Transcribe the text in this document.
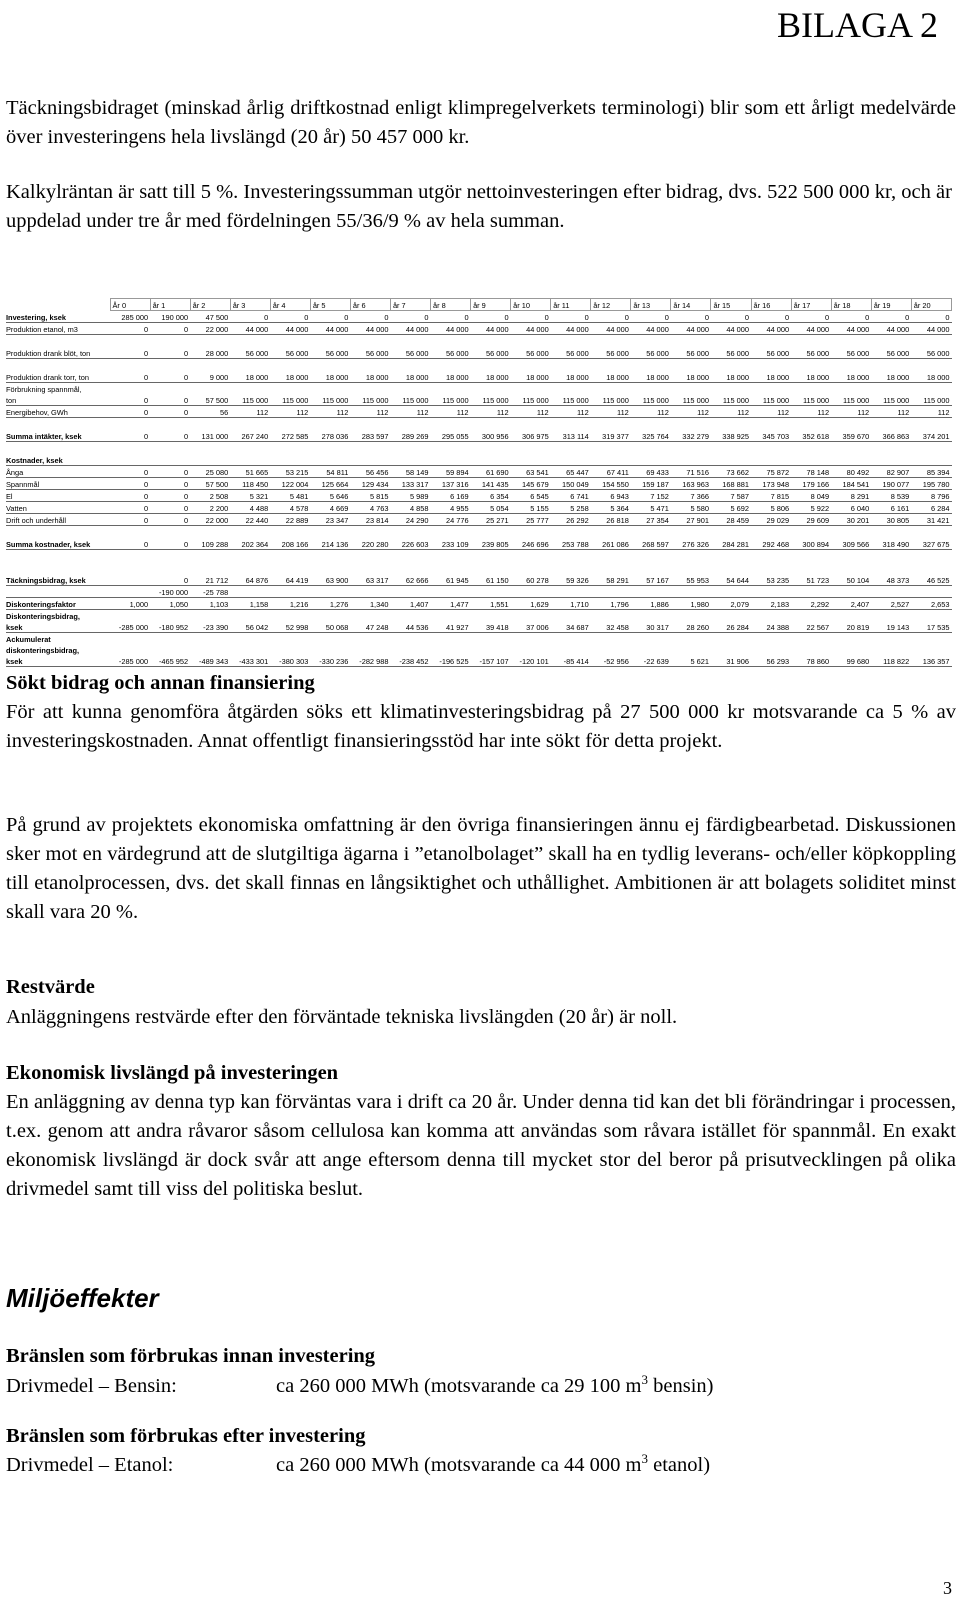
BILAGA 2

Täckningsbidraget (minskad årlig driftkostnad enligt klimpregelverkets terminologi) blir som ett årligt medelvärde över investeringens hela livslängd (20 år) 50 457 000 kr.

Kalkylräntan är satt till 5 %. Investeringssumman utgör nettoinvesteringen efter bidrag, dvs. 522 500 000 kr, och är uppdelad under tre år med fördelningen 55/36/9 % av hela summan.

	År 0	år 1	år 2	år 3	år 4	år 5	år 6	år 7	år 8	år 9	år 10	år 11	år 12	år 13	år 14	år 15	år 16	år 17	år 18	år 19	år 20
Investering, ksek	285 000	190 000	47 500	0	0	0	0	0	0	0	0	0	0	0	0	0	0	0	0	0	0
Produktion etanol, m3	0	0	22 000	44 000	44 000	44 000	44 000	44 000	44 000	44 000	44 000	44 000	44 000	44 000	44 000	44 000	44 000	44 000	44 000	44 000	44 000

Produktion drank blöt, ton	0	0	28 000	56 000	56 000	56 000	56 000	56 000	56 000	56 000	56 000	56 000	56 000	56 000	56 000	56 000	56 000	56 000	56 000	56 000	56 000

Produktion drank torr, ton	0	0	9 000	18 000	18 000	18 000	18 000	18 000	18 000	18 000	18 000	18 000	18 000	18 000	18 000	18 000	18 000	18 000	18 000	18 000	18 000
Förbrukning spannmål,																					
ton	0	0	57 500	115 000	115 000	115 000	115 000	115 000	115 000	115 000	115 000	115 000	115 000	115 000	115 000	115 000	115 000	115 000	115 000	115 000	115 000
Energibehov, GWh	0	0	56	112	112	112	112	112	112	112	112	112	112	112	112	112	112	112	112	112	112

Summa intäkter, ksek	0	0	131 000	267 240	272 585	278 036	283 597	289 269	295 055	300 956	306 975	313 114	319 377	325 764	332 279	338 925	345 703	352 618	359 670	366 863	374 201

Kostnader, ksek																					
Ånga	0	0	25 080	51 665	53 215	54 811	56 456	58 149	59 894	61 690	63 541	65 447	67 411	69 433	71 516	73 662	75 872	78 148	80 492	82 907	85 394
Spannmål	0	0	57 500	118 450	122 004	125 664	129 434	133 317	137 316	141 435	145 679	150 049	154 550	159 187	163 963	168 881	173 948	179 166	184 541	190 077	195 780
El	0	0	2 508	5 321	5 481	5 646	5 815	5 989	6 169	6 354	6 545	6 741	6 943	7 152	7 366	7 587	7 815	8 049	8 291	8 539	8 796
Vatten	0	0	2 200	4 488	4 578	4 669	4 763	4 858	4 955	5 054	5 155	5 258	5 364	5 471	5 580	5 692	5 806	5 922	6 040	6 161	6 284
Drift och underhåll	0	0	22 000	22 440	22 889	23 347	23 814	24 290	24 776	25 271	25 777	26 292	26 818	27 354	27 901	28 459	29 029	29 609	30 201	30 805	31 421

Summa kostnader, ksek	0	0	109 288	202 364	208 166	214 136	220 280	226 603	233 109	239 805	246 696	253 788	261 086	268 597	276 326	284 281	292 468	300 894	309 566	318 490	327 675

Täckningsbidrag, ksek		0	21 712	64 876	64 419	63 900	63 317	62 666	61 945	61 150	60 278	59 326	58 291	57 167	55 953	54 644	53 235	51 723	50 104	48 373	46 525
		-190 000	-25 788																		
Diskonteringsfaktor	1,000	1,050	1,103	1,158	1,216	1,276	1,340	1,407	1,477	1,551	1,629	1,710	1,796	1,886	1,980	2,079	2,183	2,292	2,407	2,527	2,653
Diskonteringsbidrag,																					
ksek	-285 000	-180 952	-23 390	56 042	52 998	50 068	47 248	44 536	41 927	39 418	37 006	34 687	32 458	30 317	28 260	26 284	24 388	22 567	20 819	19 143	17 535
Ackumulerat																					
diskonteringsbidrag,																					
ksek	-285 000	-465 952	-489 343	-433 301	-380 303	-330 236	-282 988	-238 452	-196 525	-157 107	-120 101	-85 414	-52 956	-22 639	5 621	31 906	56 293	78 860	99 680	118 822	136 357
Sökt bidrag och annan finansiering

För att kunna genomföra åtgärden söks ett klimatinvesteringsbidrag på 27 500 000 kr motsvarande ca 5 % av investeringskostnaden. Annat offentligt finansieringsstöd har inte sökt för detta projekt.

På grund av projektets ekonomiska omfattning är den övriga finansieringen ännu ej färdigbearbetad. Diskussionen sker mot en värdegrund att de slutgiltiga ägarna i ”etanolbolaget” skall ha en tydlig leverans- och/eller köpkoppling till etanolprocessen, dvs. det skall finnas en långsiktighet och uthållighet. Ambitionen är att bolagets soliditet minst skall vara 20 %.

Restvärde

Anläggningens restvärde efter den förväntade tekniska livslängden (20 år) är noll.

Ekonomisk livslängd på investeringen

En anläggning av denna typ kan förväntas vara i drift ca 20 år. Under denna tid kan det bli förändringar i processen, t.ex. genom att andra råvaror såsom cellulosa kan komma att användas som råvara istället för spannmål. En exakt ekonomisk livslängd är dock svår att ange eftersom denna till mycket stor del beror på prisutvecklingen på olika drivmedel samt till viss del politiska beslut.

Miljöeffekter
Bränslen som förbrukas innan investering
Drivmedel – Bensin:	ca 260 000 MWh (motsvarande ca 29 100 $m^3$ bensin)
Bränslen som förbrukas efter investering
Drivmedel – Etanol:	ca 260 000 MWh (motsvarande ca 44 000 $m^3$ etanol)
3
